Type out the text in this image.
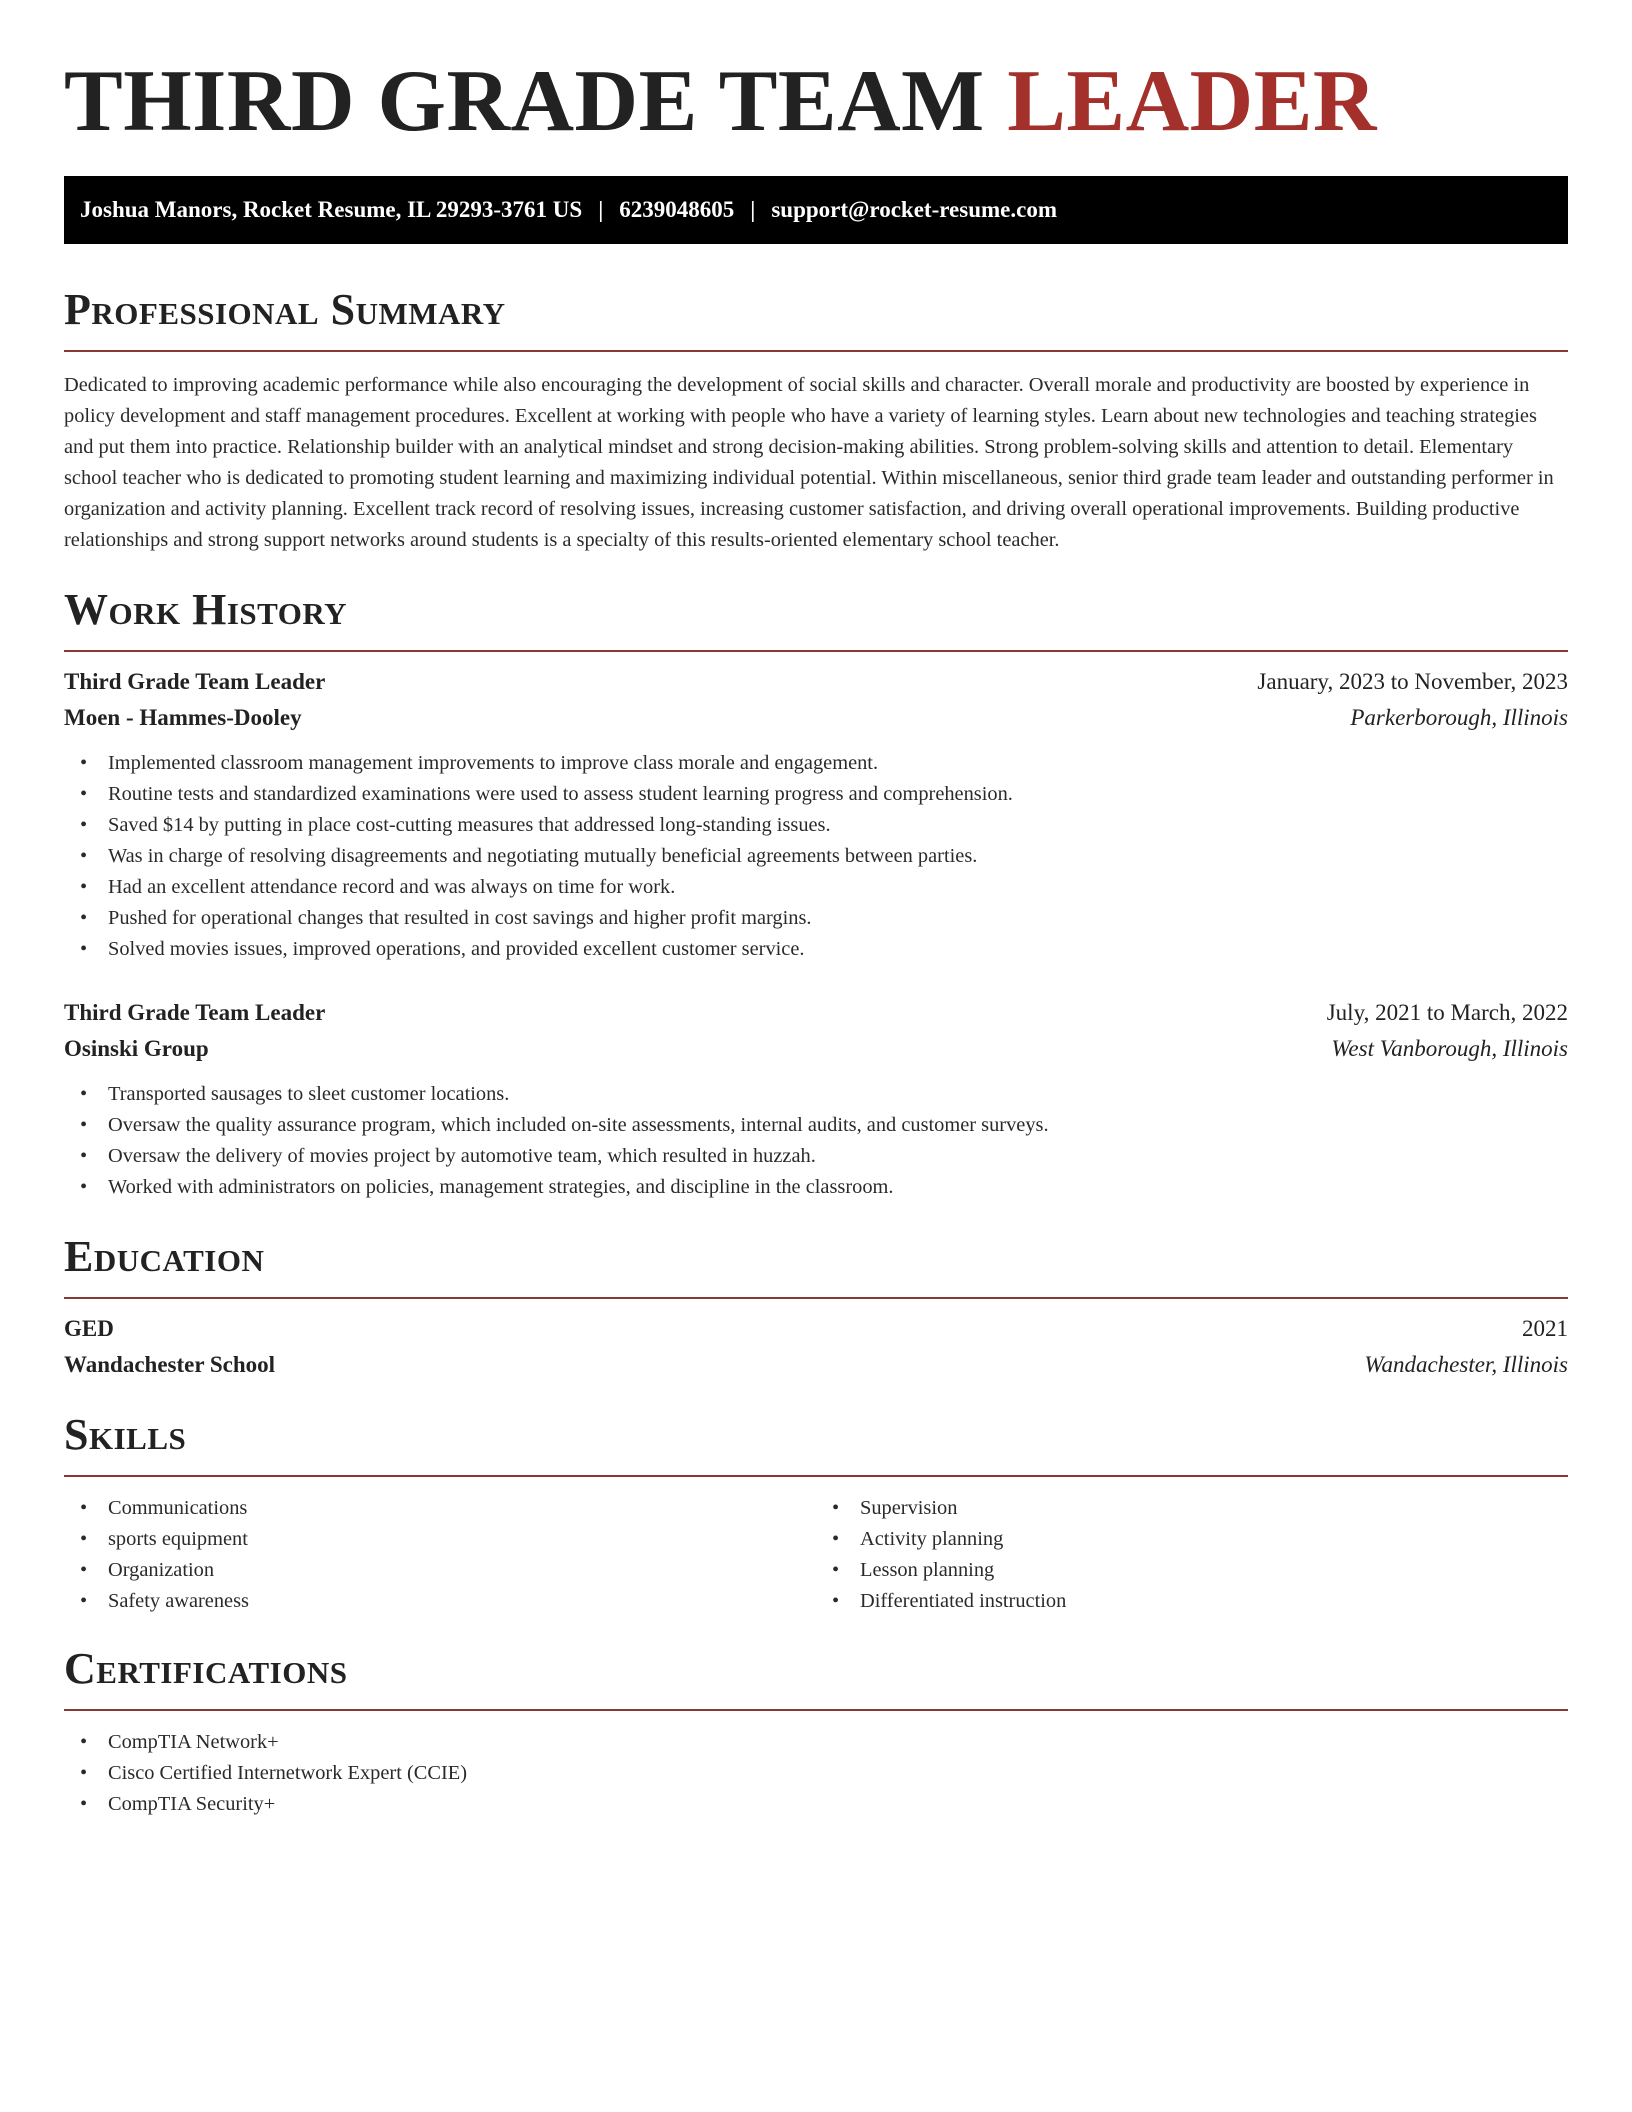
THIRD GRADE TEAM LEADER
Joshua Manors, Rocket Resume, IL 29293-3761 US | 6239048605 | support@rocket-resume.com
Professional Summary

Dedicated to improving academic performance while also encouraging the development of social skills and character. Overall morale and productivity are boosted by experience in policy development and staff management procedures. Excellent at working with people who have a variety of learning styles. Learn about new technologies and teaching strategies and put them into practice. Relationship builder with an analytical mindset and strong decision-making abilities. Strong problem-solving skills and attention to detail. Elementary school teacher who is dedicated to promoting student learning and maximizing individual potential. Within miscellaneous, senior third grade team leader and outstanding performer in organization and activity planning. Excellent track record of resolving issues, increasing customer satisfaction, and driving overall operational improvements. Building productive relationships and strong support networks around students is a specialty of this results-oriented elementary school teacher.

Work History
Third Grade Team Leader	January, 2023 to November, 2023
Moen - Hammes-Dooley	Parkerborough, Illinois
• Implemented classroom management improvements to improve class morale and engagement.
• Routine tests and standardized examinations were used to assess student learning progress and comprehension.
• Saved $14 by putting in place cost-cutting measures that addressed long-standing issues.
• Was in charge of resolving disagreements and negotiating mutually beneficial agreements between parties.
• Had an excellent attendance record and was always on time for work.
• Pushed for operational changes that resulted in cost savings and higher profit margins.
• Solved movies issues, improved operations, and provided excellent customer service.
Third Grade Team Leader	July, 2021 to March, 2022
Osinski Group	West Vanborough, Illinois
• Transported sausages to sleet customer locations.
• Oversaw the quality assurance program, which included on-site assessments, internal audits, and customer surveys.
• Oversaw the delivery of movies project by automotive team, which resulted in huzzah.
• Worked with administrators on policies, management strategies, and discipline in the classroom.
Education
GED	2021
Wandachester School	Wandachester, Illinois
Skills
• Communications
• sports equipment
• Organization
• Safety awareness
• Supervision
• Activity planning
• Lesson planning
• Differentiated instruction
Certifications
• CompTIA Network+
• Cisco Certified Internetwork Expert (CCIE)
• CompTIA Security+
